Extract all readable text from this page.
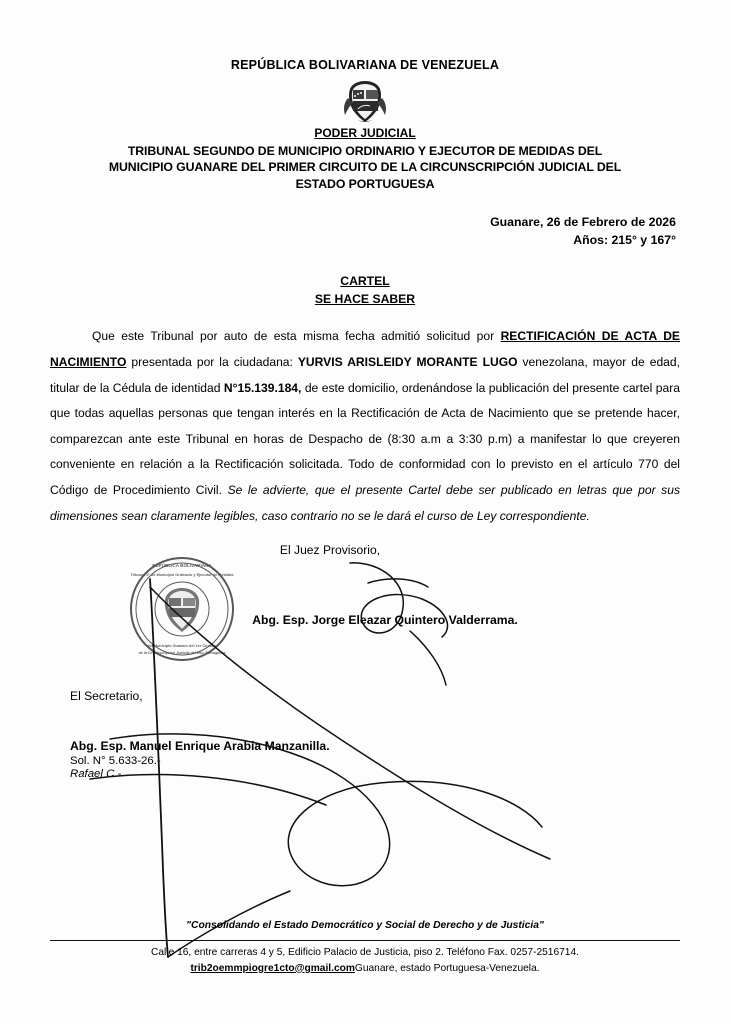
REPÚBLICA BOLIVARIANA DE VENEZUELA
PODER JUDICIAL
TRIBUNAL SEGUNDO DE MUNICIPIO ORDINARIO Y EJECUTOR DE MEDIDAS DEL
MUNICIPIO GUANARE DEL PRIMER CIRCUITO DE LA CIRCUNSCRIPCIÓN JUDICIAL DEL
ESTADO PORTUGUESA
Guanare, 26 de Febrero de 2026
Años: 215° y 167°
CARTEL
SE HACE SABER
Que este Tribunal por auto de esta misma fecha admitió solicitud por RECTIFICACIÓN DE ACTA DE NACIMIENTO presentada por la ciudadana: YURVIS ARISLEIDY MORANTE LUGO venezolana, mayor de edad, titular de la Cédula de identidad N°15.139.184, de este domicilio, ordenándose la publicación del presente cartel para que todas aquellas personas que tengan interés en la Rectificación de Acta de Nacimiento que se pretende hacer, comparezcan ante este Tribunal en horas de Despacho de (8:30 a.m a 3:30 p.m) a manifestar lo que creyeren conveniente en relación a la Rectificación solicitada. Todo de conformidad con lo previsto en el artículo 770 del Código de Procedimiento Civil. Se le advierte, que el presente Cartel debe ser publicado en letras que por sus dimensiones sean claramente legibles, caso contrario no se le dará el curso de Ley correspondiente.
REPÚBLICA BOLIVARIANA
Tribunal 2° de Municipio Ordinario y Ejecutor de Medidas
del Municipio Guanare del 1er Circuito
de la Circunscripción Judicial del Edo. Portuguesa
El Juez Provisorio,
Abg. Esp. Jorge Eleazar Quintero Valderrama.
El Secretario,
Abg. Esp. Manuel Enrique Arabia Manzanilla.
Sol. N° 5.633-26.-
Rafael C.-
"Consolidando el Estado Democrático y Social de Derecho y de Justicia"
Calle 16, entre carreras 4 y 5, Edificio Palacio de Justicia, piso 2. Teléfono Fax. 0257-2516714.
trib2oemmpiogre1cto@gmail.comGuanare, estado Portuguesa-Venezuela.
